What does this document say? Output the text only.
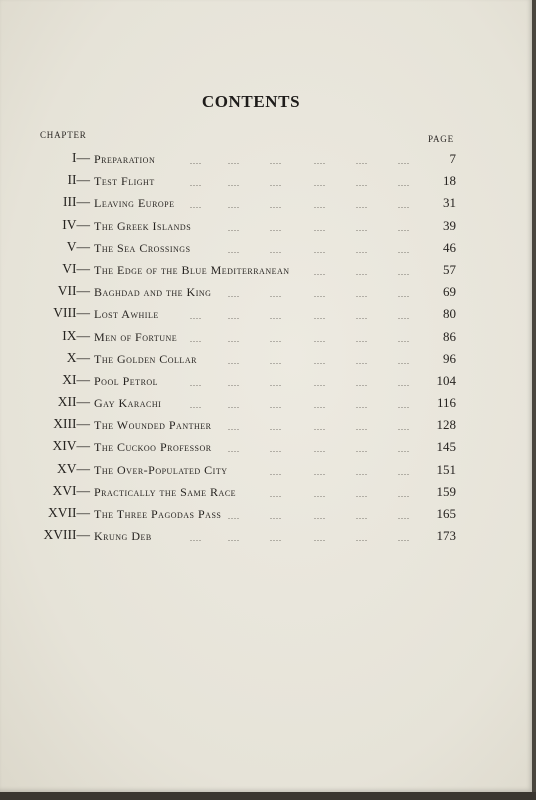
CONTENTS
CHAPTER	PAGE
I— Preparation	7
....	....	....	....	....	....
II— Test Flight	18
....	....	....	....	....	....
III— Leaving Europe	31
....	....	....	....	....	....
IV— The Greek Islands	39
....	....	....	....	....
V— The Sea Crossings	46
....	....	....	....	....
VI— The Edge of the Blue Mediterranean	57
....	....	....
VII— Baghdad and the King	69
....	....	....	....	....
VIII— Lost Awhile	80
....	....	....	....	....	....
IX— Men of Fortune	86
....	....	....	....	....	....
X— The Golden Collar	96
....	....	....	....	....
XI— Pool Petrol	104
....	....	....	....	....	....
XII— Gay Karachi	116
....	....	....	....	....	....
XIII— The Wounded Panther	128
....	....	....	....	....
XIV— The Cuckoo Professor	145
....	....	....	....	....
XV— The Over-Populated City	151
....	....	....	....
XVI— Practically the Same Race	159
....	....	....	....
XVII— The Three Pagodas Pass	165
....	....	....	....	....
XVIII— Krung Deb	173
....	....	....	....	....	....
